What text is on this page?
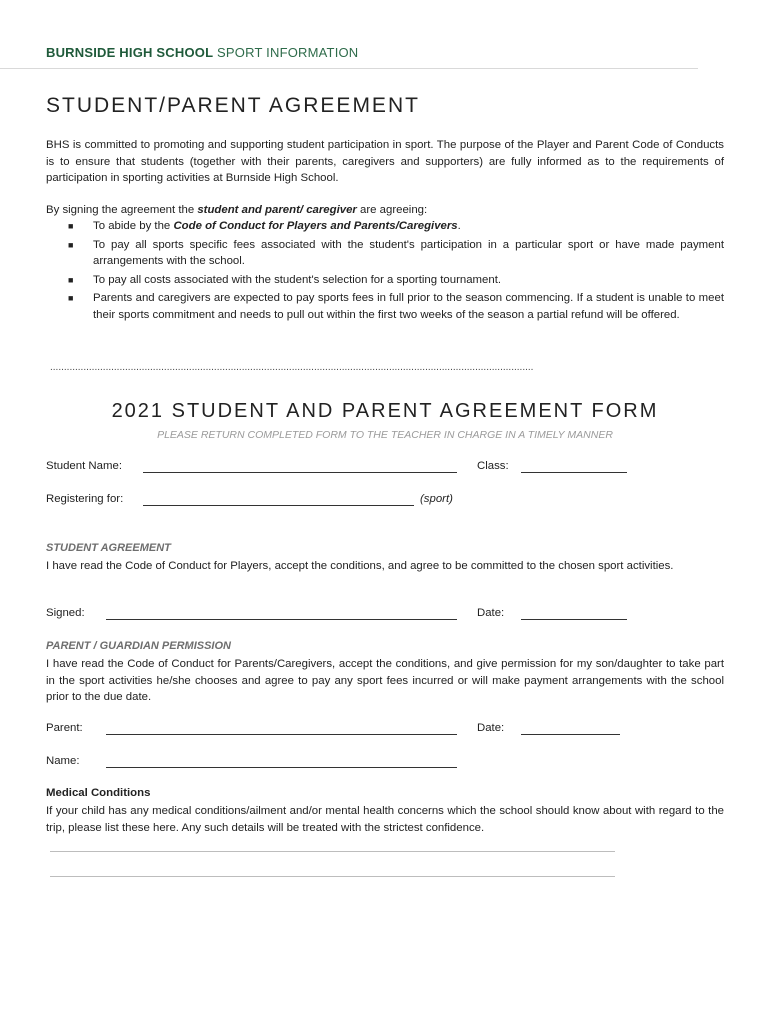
BURNSIDE HIGH SCHOOL SPORT INFORMATION
STUDENT/PARENT AGREEMENT
BHS is committed to promoting and supporting student participation in sport. The purpose of the Player and Parent Code of Conducts is to ensure that students (together with their parents, caregivers and supporters) are fully informed as to the requirements of participation in sporting activities at Burnside High School.
By signing the agreement the student and parent/ caregiver are agreeing:
■ To abide by the Code of Conduct for Players and Parents/Caregivers.
■ To pay all sports specific fees associated with the student's participation in a particular sport or have made payment arrangements with the school.
■ To pay all costs associated with the student's selection for a sporting tournament.
■ Parents and caregivers are expected to pay sports fees in full prior to the season commencing. If a student is unable to meet their sports commitment and needs to pull out within the first two weeks of the season a partial refund will be offered.
..............................................................................................................................................................................
2021 STUDENT AND PARENT AGREEMENT FORM
PLEASE RETURN COMPLETED FORM TO THE TEACHER IN CHARGE IN A TIMELY MANNER
Student Name:	Class:
Registering for:	(sport)
STUDENT AGREEMENT
I have read the Code of Conduct for Players, accept the conditions, and agree to be committed to the chosen sport activities.
Signed:	Date:
PARENT / GUARDIAN PERMISSION
I have read the Code of Conduct for Parents/Caregivers, accept the conditions, and give permission for my son/daughter to take part in the sport activities he/she chooses and agree to pay any sport fees incurred or will make payment arrangements with the school prior to the due date.
Parent:	Date:
Name:
Medical Conditions
If your child has any medical conditions/ailment and/or mental health concerns which the school should know about with regard to the trip, please list these here. Any such details will be treated with the strictest confidence.
